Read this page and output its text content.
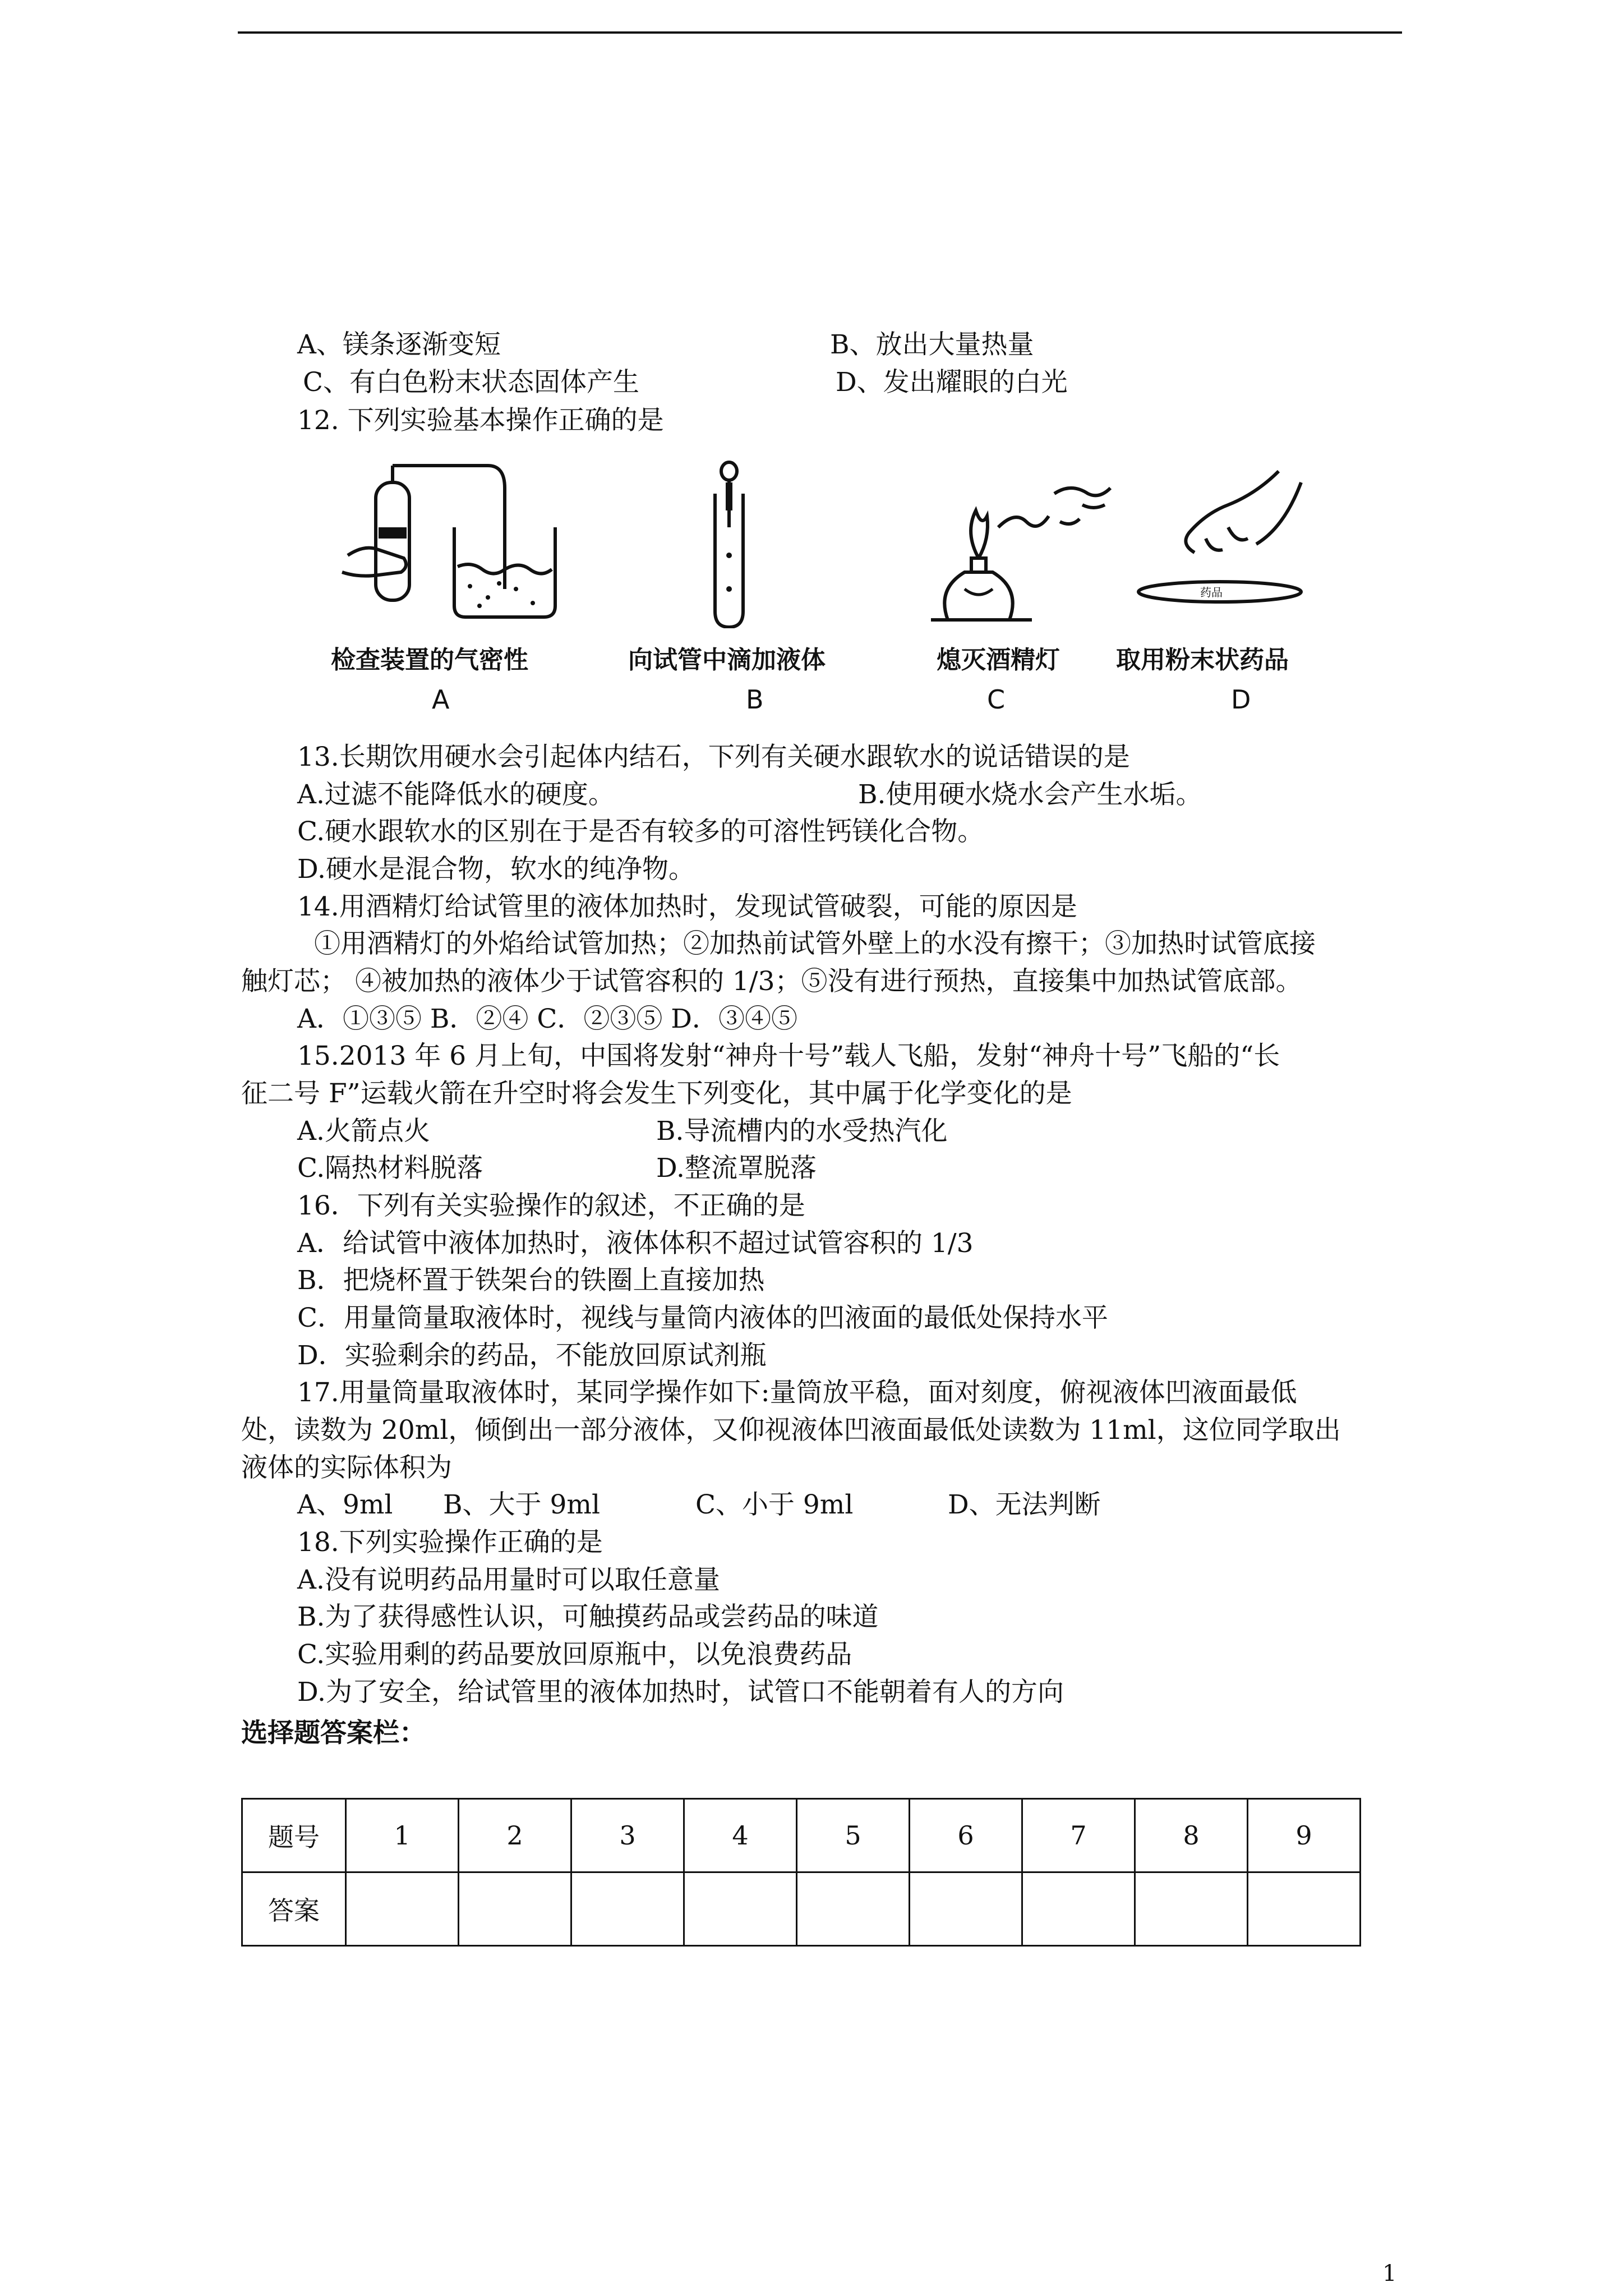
A、镁条逐渐变短	B、放出大量热量
C、有白色粉末状态固体产生	D、发出耀眼的白光
12. 下列实验基本操作正确的是
检查装置的气密性
A
向试管中滴加液体
B
熄灭酒精灯
C
药品
取用粉末状药品
D
13.长期饮用硬水会引起体内结石，下列有关硬水跟软水的说话错误的是
A.过滤不能降低水的硬度。	B.使用硬水烧水会产生水垢。
C.硬水跟软水的区别在于是否有较多的可溶性钙镁化合物。
D.硬水是混合物，软水的纯净物。
14.用酒精灯给试管里的液体加热时，发现试管破裂，可能的原因是
①用酒精灯的外焰给试管加热；②加热前试管外壁上的水没有擦干；③加热时试管底接
触灯芯； ④被加热的液体少于试管容积的 1/3；⑤没有进行预热，直接集中加热试管底部。
A．①③⑤ B．②④ C．②③⑤ D．③④⑤
15.2013 年 6 月上旬，中国将发射“神舟十号”载人飞船，发射“神舟十号”飞船的“长
征二号 F”运载火箭在升空时将会发生下列变化，其中属于化学变化的是
A.火箭点火	B.导流槽内的水受热汽化
C.隔热材料脱落	D.整流罩脱落
16．下列有关实验操作的叙述，不正确的是
A．给试管中液体加热时，液体体积不超过试管容积的 1/3
B．把烧杯置于铁架台的铁圈上直接加热
C．用量筒量取液体时，视线与量筒内液体的凹液面的最低处保持水平
D．实验剩余的药品，不能放回原试剂瓶
17.用量筒量取液体时，某同学操作如下:量筒放平稳，面对刻度，俯视液体凹液面最低
处，读数为 20ml，倾倒出一部分液体，又仰视液体凹液面最低处读数为 11ml，这位同学取出
液体的实际体积为
A、9ml B、大于 9ml	C、小于 9ml	D、无法判断
18.下列实验操作正确的是
A.没有说明药品用量时可以取任意量
B.为了获得感性认识，可触摸药品或尝药品的味道
C.实验用剩的药品要放回原瓶中，以免浪费药品
D.为了安全，给试管里的液体加热时，试管口不能朝着有人的方向
选择题答案栏：
题号	1	2	3	4	5	6	7	8	9
答案									
1
